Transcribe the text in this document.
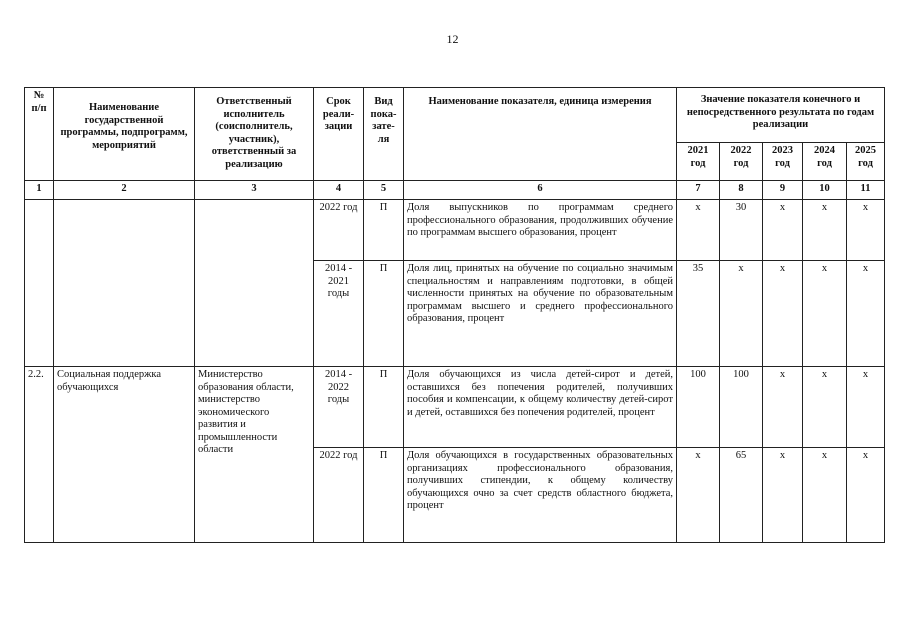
12
№ п/п	Наименование государственной программы, подпрограмм, мероприятий	Ответственный исполнитель (соисполнитель, участник), ответственный за реализацию	Срок реали- зации	Вид пока- зате- ля	Наименование показателя, единица измерения	Значение показателя конечного и непосредственного результата по годам реализации				
						2021 год	2022 год	2023 год	2024 год	2025 год
1	2	3	4	5	6	7	8	9	10	11
			2022 год	П	Доля выпускников по программам среднего профессионального образования, продолживших обучение по программам высшего образования, процент	x	30	x	x	x
			2014 - 2021 годы	П	Доля лиц, принятых на обучение по социально значимым специальностям и направлениям подготовки, в общей численности принятых на обучение по образовательным программам высшего и среднего профессионального образования, процент	35	x	x	x	x
2.2.	Социальная поддержка обучающихся	Министерство образования области, министерство экономического развития и промышленности области	2014 - 2022 годы	П	Доля обучающихся из числа детей-сирот и детей, оставшихся без попечения родителей, получивших пособия и компенсации, к общему количеству детей-сирот и детей, оставшихся без попечения родителей, процент	100	100	x	x	x
			2022 год	П	Доля обучающихся в государственных образовательных организациях профессионального образования, получивших стипендии, к общему количеству обучающихся очно за счет средств областного бюджета, процент	x	65	x	x	x
